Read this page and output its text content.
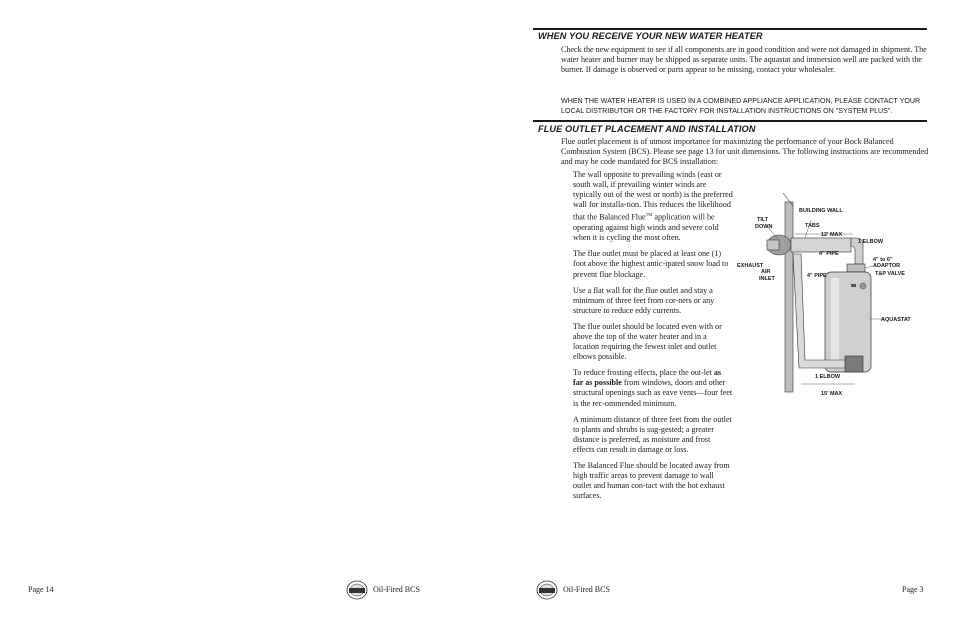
WHEN YOU RECEIVE YOUR NEW WATER HEATER

Check the new equipment to see if all components are in good condition and were not damaged in shipment. The water heater and burner may be shipped as separate units. The aquastat and immersion well are packed with the burner. If damage is observed or parts appear to be missing, contact your wholesaler.

WHEN THE WATER HEATER IS USED IN A COMBINED APPLIANCE APPLICATION, PLEASE CONTACT YOUR LOCAL DISTRIBUTOR OR THE FACTORY FOR INSTALLATION INSTRUCTIONS ON "SYSTEM PLUS".

FLUE OUTLET PLACEMENT AND INSTALLATION

Flue outlet placement is of utmost importance for maximizing the performance of your Bock Balanced Combustion System (BCS). Please see page 13 for unit dimensions. The following instructions are recommended and may be code mandated for BCS installation:

The wall opposite to prevailing winds (east or south wall, if prevailing winter winds are typically out of the west or north) is the preferred wall for installa-tion. This reduces the likelihood that the Balanced Flue™ application will be operating against high winds and severe cold when it is cycling the most often.

The flue outlet must be placed at least one (1) foot above the highest antic-ipated snow load to prevent flue blockage.

Use a flat wall for the flue outlet and stay a minimum of three feet from cor-ners or any structure to reduce eddy currents.

The flue outlet should be located even with or above the top of the water heater and in a location requiring the fewest inlet and outlet elbows possible.

To reduce frosting effects, place the out-let as far as possible from windows, doors and other structural openings such as eave vents—four feet is the rec-ommended minimum.

A minimum distance of three feet from the outlet to plants and shrubs is sug-gested; a greater distance is preferred, as moisture and frost effects can result in damage or loss.

The Balanced Flue should be located away from high traffic areas to prevent damage to wall outlet and human con-tact with the hot exhaust surfaces.

BUILDING WALL
TILT
DOWN	TABS
12' MAX
1 ELBOW
4" PIPE
4" to 6"
ADAPTOR
T&P VALVE
EXHAUST
AIR
INLET	4" PIPE
AQUASTAT
1 ELBOW
15' MAX
Page 14	Oil-Fired BCS	Oil-Fired BCS	Page 3
